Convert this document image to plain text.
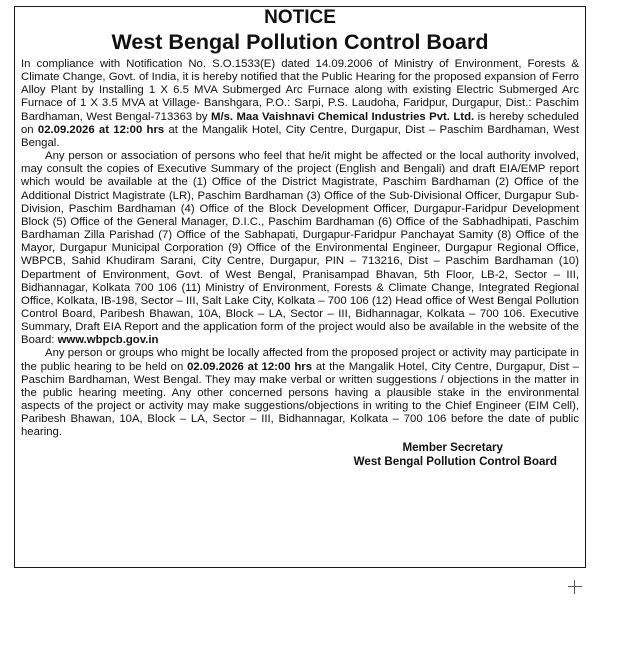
NOTICE
West Bengal Pollution Control Board

In compliance with Notification No. S.O.1533(E) dated 14.09.2006 of Ministry of Environment, Forests & Climate Change, Govt. of India, it is hereby notified that the Public Hearing for the proposed expansion of Ferro Alloy Plant by Installing 1 X 6.5 MVA Submerged Arc Furnace along with existing Electric Submerged Arc Furnace of 1 X 3.5 MVA at Village- Banshgara, P.O.: Sarpi, P.S. Laudoha, Faridpur, Durgapur, Dist.: Paschim Bardhaman, West Bengal-713363 by M/s. Maa Vaishnavi Chemical Industries Pvt. Ltd. is hereby scheduled on 02.09.2026 at 12:00 hrs at the Mangalik Hotel, City Centre, Durgapur, Dist – Paschim Bardhaman, West Bengal.

Any person or association of persons who feel that he/it might be affected or the local authority involved, may consult the copies of Executive Summary of the project (English and Bengali) and draft EIA/EMP report which would be available at the (1) Office of the District Magistrate, Paschim Bardhaman (2) Office of the Additional District Magistrate (LR), Paschim Bardhaman (3) Office of the Sub-Divisional Officer, Durgapur Sub-Division, Paschim Bardhaman (4) Office of the Block Development Officer, Durgapur-Faridpur Development Block (5) Office of the General Manager, D.I.C., Paschim Bardhaman (6) Office of the Sabhadhipati, Paschim Bardhaman Zilla Parishad (7) Office of the Sabhapati, Durgapur-Faridpur Panchayat Samity (8) Office of the Mayor, Durgapur Municipal Corporation (9) Office of the Environmental Engineer, Durgapur Regional Office, WBPCB, Sahid Khudiram Sarani, City Centre, Durgapur, PIN – 713216, Dist – Paschim Bardhaman (10) Department of Environment, Govt. of West Bengal, Pranisampad Bhavan, 5th Floor, LB-2, Sector – III, Bidhannagar, Kolkata 700 106 (11) Ministry of Environment, Forests & Climate Change, Integrated Regional Office, Kolkata, IB-198, Sector – III, Salt Lake City, Kolkata – 700 106 (12) Head office of West Bengal Pollution Control Board, Paribesh Bhawan, 10A, Block – LA, Sector – III, Bidhannagar, Kolkata – 700 106. Executive Summary, Draft EIA Report and the application form of the project would also be available in the website of the Board: www.wbpcb.gov.in

Any person or groups who might be locally affected from the proposed project or activity may participate in the public hearing to be held on 02.09.2026 at 12:00 hrs at the Mangalik Hotel, City Centre, Durgapur, Dist – Paschim Bardhaman, West Bengal. They may make verbal or written suggestions / objections in the matter in the public hearing meeting. Any other concerned persons having a plausible stake in the environmental aspects of the project or activity may make suggestions/objections in writing to the Chief Engineer (EIM Cell), Paribesh Bhawan, 10A, Block – LA, Sector – III, Bidhannagar, Kolkata – 700 106 before the date of public hearing.

Member Secretary
West Bengal Pollution Control Board
